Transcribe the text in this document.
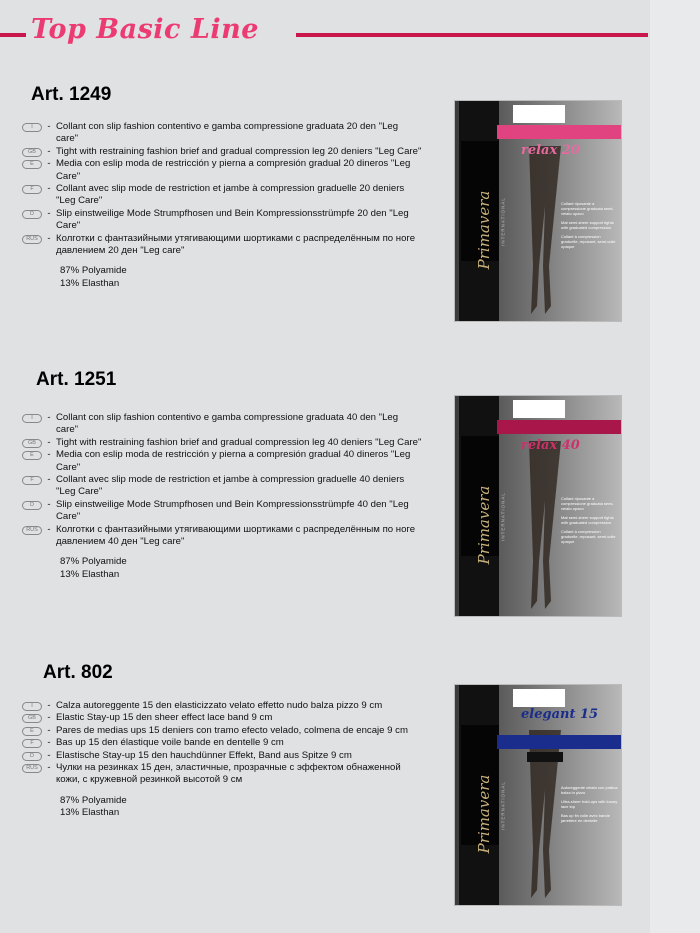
Top Basic Line
Art. 1249
I	- Collant con slip fashion contentivo e gamba compressione graduata 20 den "Leg care"
GB	- Tight with restraining fashion brief and gradual compression leg 20 deniers "Leg Care"
E	- Media con eslip moda de restricción y pierna a compresión gradual 20 dineros "Leg Care"
F	- Collant avec slip mode de restriction et jambe à compression graduelle 20 deniers "Leg Care"
D	- Slip einstweilige Mode Strumpfhosen und Bein Kompressionsstrümpfe 20 den "Leg Care"
RUS - Колготки с фантазийными утягивающими шортиками с распределённым по ноге давлением 20 ден "Leg care"
87% Polyamide
13% Elasthan
Primavera INTERNATIONAL
relax 20

Collant riposante a compressione graduata semi-velato opaco

Mat semi-sheer support tights with graduated compression

Collant à compression graduelle, reposant, semi-voile opaque

Art. 1251
I	- Collant con slip fashion contentivo e gamba compressione graduata 40 den "Leg care"
GB	- Tight with restraining fashion brief and gradual compression leg 40 deniers "Leg Care"
E	- Media con eslip moda de restricción y pierna a compresión gradual 40 dineros "Leg Care"
F	- Collant avec slip mode de restriction et jambe à compression graduelle 40 deniers "Leg Care"
D	- Slip einstweilige Mode Strumpfhosen und Bein Kompressionsstrümpfe 40 den "Leg Care"
RUS - Колготки с фантазийными утягивающими шортиками с распределённым по ноге давлением 40 ден "Leg care"
87% Polyamide
13% Elasthan
Primavera INTERNATIONAL
relax 40

Collant riposante a compressione graduata semi-velato opaco

Mat semi-sheer support tights with graduated compression

Collant à compression graduelle, reposant, semi-voile opaque

Art. 802
I	- Calza autoreggente 15 den elasticizzato velato effetto nudo balza pizzo 9 cm
GB	- Elastic Stay-up 15 den sheer effect lace band 9 cm
E	- Pares de medias ups 15 deniers con tramo efecto velado, colmena de encaje 9 cm
F	- Bas up 15 den élastique voile bande en dentelle 9 cm
D	- Elastische Stay-up 15 den hauchdünner Effekt, Band aus Spitze 9 cm
RUS - Чулки на резинках 15 ден, эластичные, прозрачные с эффектом обнаженной кожи, с кружевной резинкой высотой 9 см
87% Polyamide
13% Elasthan	Primavera INTERNATIONAL
elegant 15

Autoreggente velato con pratica balza in pizzo

Ultra-sheer hold-ups with luxury lace top

Bas up fin voile avec bande jarretière en dentelle
